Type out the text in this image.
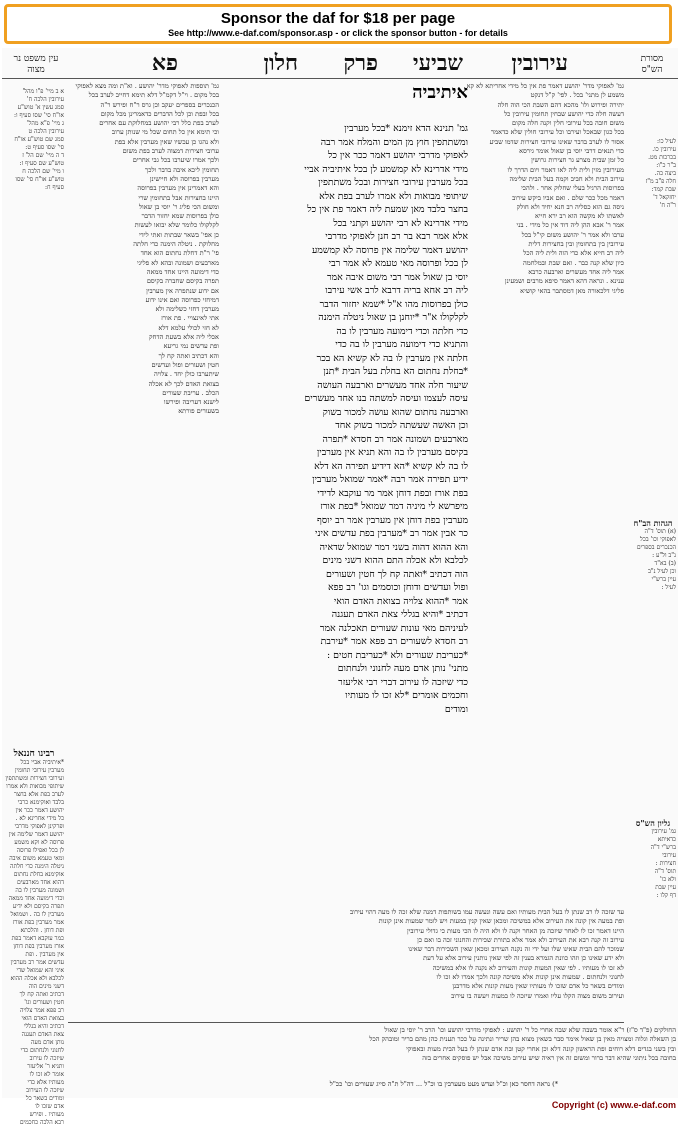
Sponsor the daf for $18 per page
See http://www.e-daf.com/sponsor.asp - or click the sponsor button - for details
מסורת הש"ס
חלון פרק שביעי עירובין
פא
עין משפט נר מצוה
לעיל כו:
עירובין כו.
בכרכות מט.
ב"ר כ"ו:
ביצה כה.
חלה פ"ב מ"ז
שבת קמד:
יחזקאל ד'
ר"ה ח'
הגהות הב"ח
(א) תוס' ד"ה
לאפוקי וכו' בכל
הכנכרים בספרים
נ"ב ול"ע :
(ב) בא"ד
וכן לעיל נ"ב
עיין ברש"י
לעיל :
גליון הש"ס
גמ' עירובין
כדאיתא
ברש"י ד"ה
עירובי
חצירות :
תוס' ד"ה
ולא כו'
עיין שבת
דף קלו :
גמ' לאפוקי מדר' יהושע דאמר פת אין כל מידי אחריתא לא קא
משמע לן מתני' בכל . לפי' ק"ל דנקט
יתירה ופירוש ולו' מהכא דהם השבת הכי הוה חלה
דעשה חלה כדי יהושע שבחין תחומין עירובין כל
משום חובה בכל עירובי חלין וקנה חלה מקום
בכל כגון שבאכל ועירבו וכל עירובי חולין שלא כדאמר
אסור לו לערב בדבר שאינו עירובי חצירות שדמו שביע
כדי תנאים דרבי יוסי בן שאול אומר גירסא
כל זמן שבית מצרע גר חצירות גרושין
מעירובין מזין ולית ליה לאו דאמר ויום הדרך לו
עירוב הבית ולא חביב וקמה בעל הבית שלימה
בפרוסות הרגיל בעלי שחלוק אחר . ולהכי
דאמר מכל ככר שלם . ואם אביו ביקש עירוב
ניסה גם הוא כסליה רב חנא יחיד ולא חולק
לאשתו לא מקשה הוא רב ירא חייא
אמר ר' אבא ההן ליה דוד אין כל מידי . בני
ערבו ולא אמר ר' יהושע משום קי"ל בכל
עירובין בין בתחומין ובין בחצירות דלית
ליה רב חייא אלא כדי הוה ולית ליה הכל
כיון שלא קנה כבר . ואם שבת ובמלחמה
אמר ליה אחד מעשרים וארבעה כרבא
ענינא . ונראה דהא דאמר סיפא מרבים ושמעינן
פליגי דלכאורה מאן דמסתבר בהאי קושיא
איתיביה
גמ' תנינא הדא זימנא *בכל מערבין
ומשתתפין חוץ מן המים והמלח אמר רבה
לאפוקי מדרבי יהושע דאמר ככר אין כל
מידי אדרינא לא קמשמע לן בכל איתיביה אביי
בכל מערבין עירובי חצירות ובכל משתתפין
שיתופי מבואות ולא אמרו לערב בפת אלא
בחצר בלבד מאן שמעת ליה דאמר פת אין כל
מידי אדרינא לא רבי יהושע וקתני בכל
אלא אמר רבא בר רב חנן לאפוקי מדרבי
יהושע דאמר שלימה אין פרוסה לא קמשמע
לן בכל ופרוסה מאי טעמא לא אמר רבי
יוסי בן שאול אמר רבי משום איבה אמר
ליה רב אחא בריה דרבא לרב אשי עירבו
כולן בפרוסות מהו א"ל *שמא יחזור הדבר
לקלקולו א"ר *יוחנן בן שאול ניטלה הימנה
כדי חלתה וכדי דימועה מערבין לו בה
והתניא כדי דימועה מערבין לו בה כדי
חלתה אין מערבין לו בה לא קשיא הא בכר
*בחלת נחתום הא בחלת בעל הבית *תנן
שיעור חלה אחד מעשרים וארבעה העושה
עיסה לעצמו ועיסה למשתה בנו אחד מעשרים
וארבעה נחתום שהוא עושה למכור בשוק
וכן האשה שעשתה למכור בשוק אחד
מארבעים ושמונה אמר רב חסדא *תפרה
בקיסם מערבין לו בה והא תניא אין מערבין
לו בה לא קשיא *הא דידיע תפירה הא דלא
ידיע תפירה אמר רבה *אמר שמואל מערבין
בפת אורז ובפת דוחן אמר מר עוקבא לדידי
מיפרשא לי מיניה דמר שמואל *בפת אורז
מערבין בפת דוחן אין מערבין אמר רב יוסף
כר אבין אמר רב *מערבין בפת עדשים איני
והא ההוא דהוה בשני דמר שמואל שדאיה
לכלבא ולא אכלה התם ההוא דשני מינים
הוה דכתיב *ואתה קח לך חטין ושעורים
ופול ועדשים ודוחן וכוסמים וגו' רב פפא
אמר *ההוא צלויה בצואת האדם הואי
דכתיב *והיא בגללי צאת האדם תעגנה
לעיניהם מאי עונות שעורים תאכלנה אמר
רב חסדא לשעורים רב פפא אמר *עירבת
*כעריבת שעורים ולא *כעריבת חטים :
מתני' נותן אדם מעה לחנוני ולנחתום
כדי שיזכה לו עירוב דברי רבי אליעזר
וחכמים אומרים *לא זכו לו מעותיו
ומודים
גמ' תוספות לאפוקי מדר' יהושע . וא"ת ומה מצא לאפוקי
בכל מקום . וי"ל דקמ"ל דלא תימא דחייב לערב בכל
הכנכרים בספרים יעקב וכן גרס ר"ח ופירש ר"ה
בכל ובפת וכן לכל הדברים כדאמרינן מכל מקום
לערב בפת כלל רבי יהושע במחלוקת עם אחרים
וכי תימא אין כל תחום שכל מי שנותן ערוב
ולא נהגו כן עכשיו שאין מערבין אלא בפת
ערובי חצירות דמצוה לערב בפת משום
ולכך אמרו שיערבו בכל גבי אחרים
תחומין ליכא איבה בדבר ולכך
מערבין בפרוסה ולא חיישינן
והא דאמרינן אין מערבין בפרוסה
היינו בחצירות אבל בתחומין שרי
ומשום הכי פליג ר' יוסי בן שאול
כולן בפרוסות שמא יחזור הדבר
לקלקולו כלומר שלא יבואו לעשות
כן אפי' בשאר שבתות ואתי לידי
מחלוקת . ניטלה הימנה כדי חלתה
פי' ר"ת דחלת נחתום הוא אחד
מארבעים ושמונה ובהא לא פליגי
כדי דימועה היינו אחד ממאה
תפרה בקיסם שחברה בקיסם
אם ידוע שנתפרה אין מערבין
דמיחזי כפרוסה ואם אינו ידוע
מערבין דחזי כשלימה ולא
אתי לאינצויי . פת אורז
לא חזי לכולי עלמא דלא
אכלי ליה אלא בשעת הדחק
ופת עדשים נמי גריעא
והא דכתיב ואתה קח לך
חטין ושעורים ופול ועדשים
שיתערבו כולן יחד . צלויה
בצואת האדם לכך לא אכלה
הכלב . עריבת שעורים
לישנא דעריבה ופירשו
בשעורים פורתא
א ב מיי' פ"ו מהל'
עירובין הלכה ח'
סמג עשין א' טוש"ע
או"ח סי' שסו סעיף ו:
ג מיי' פ"א מהל'
עירובין הלכה ט
סמג שם טוש"ע או"ח
סי' שסו סעיף ט:
ד ה מיי' שם הל' ז
טוש"ע שם סעיף ז:
ו מיי' שם הלכה ח
טוש"ע או"ח סי' שסו
סעיף ח:
רבינו חננאל
*איתיביה אביי בכל
מערבין עירובי תחומין
ועירובי חצירות ומשתתפין
שיתופי מבואות ולא אמרו
לערב בפת אלא בחצר
בלבד ואוקימנא כרבי
יהושע דאמר ככר אין
כל מידי אחרינא לא .
ופרקינן לאפוקי מדרבי
יהושע דאמר שלימה אין
פרוסה לא וקא משמע
לן בכל ואפילו פרוסה
ומאי טעמא משום איבה
ניטלה הימנה כדי חלתה
אוקימנא בחלת נחתום
דהוא אחד מארבעים
ושמונה מערבין לו בה
וכדי דימועה אחד ממאה
תפרה בקיסם ולא ידיע
מערבין לו בה . ושמואל
אמר מערבין בפת אורז
ופת דוחן . והלכתא
כמר עוקבא דאמר בפת
אורז מערבין בפת דוחן
אין מערבין . ופת
עדשים אמר רב מערבין
איני והא שמואל שדי
לכלבא ולא אכלה ההוא
דשני מינים הוה
דכתיב ואתה קח לך
חטין ושעורים וגו'
רב פפא אמר צלויה
בצואת האדם הואי
דכתיב והיא בגללי
צאת האדם תעגנה
נותן אדם מעה
לחנוני ולנחתום כדי
שיזכה לו עירוב
ותניא ר' אליעזר
אומר לא זכו לו
מעותיו אלא כדי
שיזכה לו העירוב
ומודים בשאר כל
אדם שזכו לו
מעותיו . ופירש
רבא הלכה כחכמים
עד שזכה לו רב שנתן לו בעל הבית מעותיו ואם עשה ונעשה עמו בשותפות דמנה שלא זכה לו מעה דהוי עירוב
ופת במעה אין קונה את העירוב אלא במשיכה ומכאן שאין קנין במעות ויש לומר שמעות אינן קונות
היינו דאמר זכו לו לאחר שיזכה מן האחר וקנה לו ולא היה לו הכי מעות כי גדולי עירובין
עירוב זה קנה רבא את העירוב ולא אמר אלא בתורת שכירות והחנוני זכה בו ואם כן
שמוכר להם הבית שאינו שלו ועל ידי זה נקנה העירוב ומכאן שאין השכירות דבר שאינו
ולא ידע שאינו כן וזהו כוונת הגמרא בענין זה לפי שאין נותנין עירוב אלא על דעת
לא זכו לו מעותיו . לפי שאין המעות קונות והעירוב לא נקנה לו אלא במשיכה
לחנוני ולנחתום . שמעות אינן קונות אלא משיכה קונה ולכך אמרו לא זכו לו
ומודים בשאר כל אדם שזכו לו מעותיו שאין מעות קונות אלא מדרבנן
ועירוב משום מצוה הקלו עליו ואמרו שיזכה לו במעות ויעשה בו עירוב
החולקים (פ"ד ס"ז) ר"א אומר בשבה שלא שבה אחרי כל ר' יהושע : לאפוקי מדרבי יהושע וכו' הרב ר' יוסי בן שאול
בן השאלה וגלוה ומצויה מאין בן שאול אימר סבר בשאין מצוא בהן שריר ונתינה על ככר תענית כהן מהם בריר ומובהק הכל
ובין בשני בגדים דלא רוחים ופת הראשון קונה דלא וכן אחרי קטן ובת אדם שנתן לו בעל הבית מעות ובאפוקי
בחובה בכל ניתוני שהיא דבר ברור ומשום זה אין ראיה שיש עירוב משיכה אבל יש פוסקים אחרים בזה
*) נראה דחסר כאן וכ"ל ועדש מעט מעערבין בו וכ"ל ... דה"ל ת"ה סייג שעורים וכו' ככ"ל
Copyright (c) www.e-daf.com
